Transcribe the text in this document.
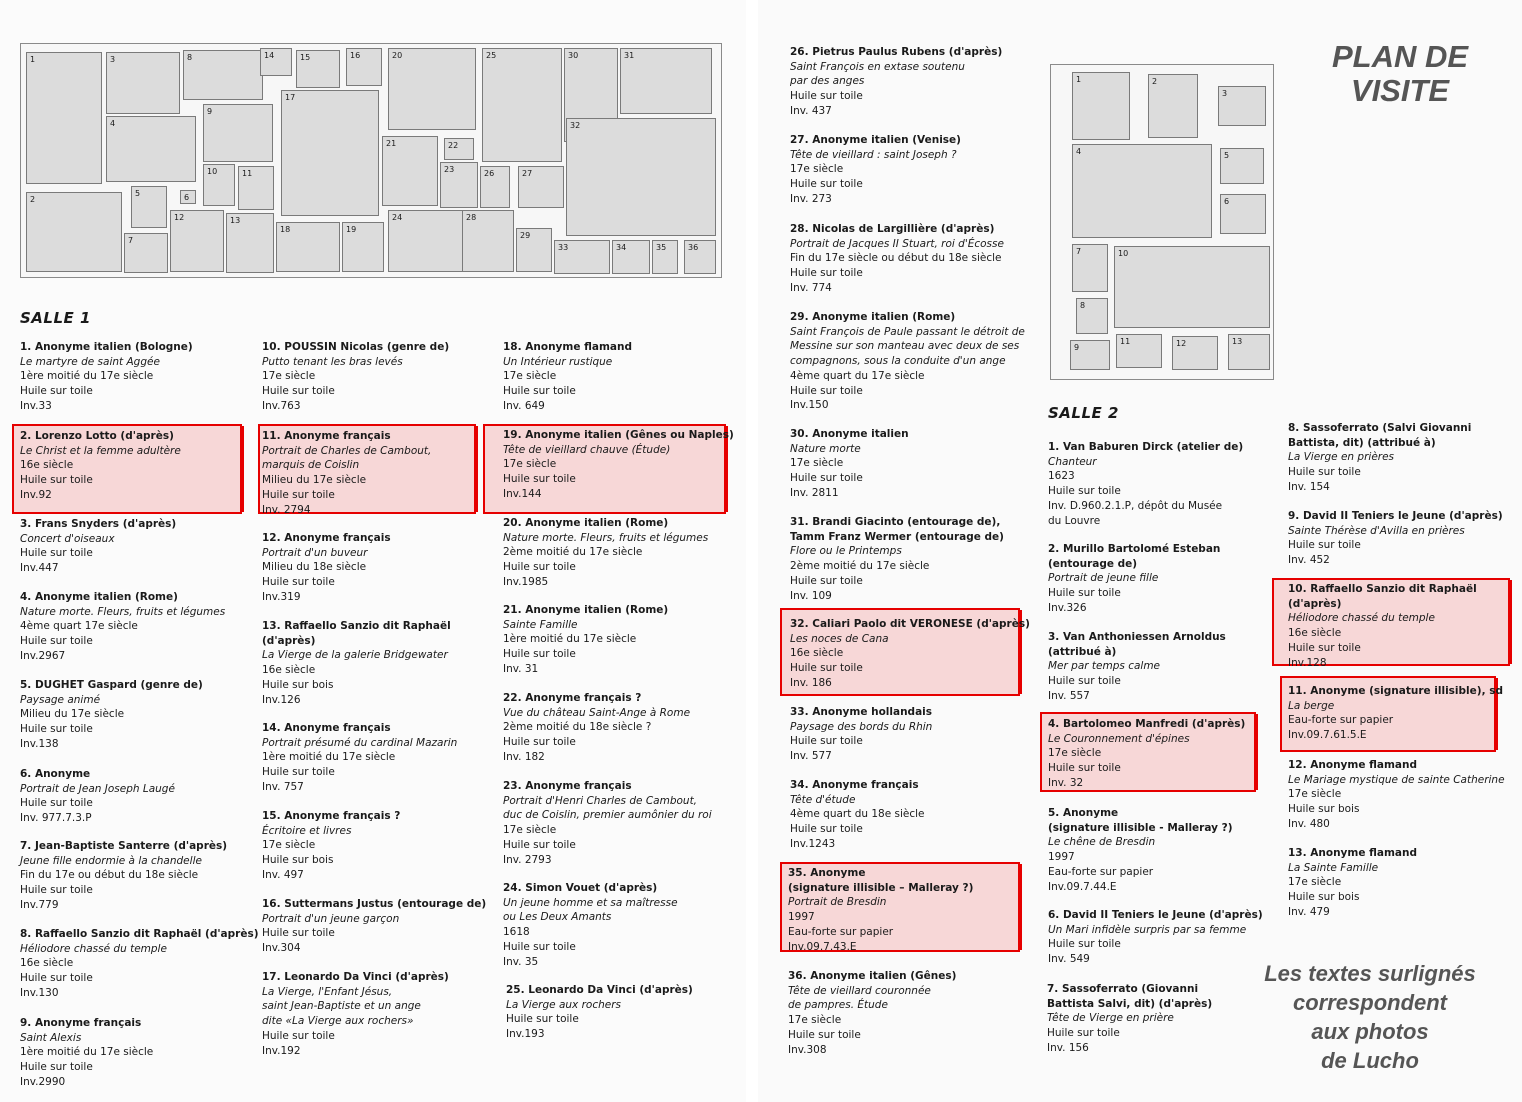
SALLE 1
SALLE 2
PLAN DE
VISITE
Les textes surlignés
correspondent
aux photos
de Lucho
1
2
3
4
5	6
7
8
9
10	11
12	13
14	15	16
17
18	19
20
21	22
23
24
25
26	27
28
29
30	31
32
33	34	35	36
1	2
3
4	5
6
7
8
9
10
11	12	13
1. Anonyme italien (Bologne)
Le martyre de saint Aggée
1ère moitié du 17e siècle
Huile sur toile
Inv.33
2. Lorenzo Lotto (d'après)
Le Christ et la femme adultère
16e siècle
Huile sur toile
Inv.92
3. Frans Snyders (d'après)
Concert d'oiseaux
Huile sur toile
Inv.447
4. Anonyme italien (Rome)
Nature morte. Fleurs, fruits et légumes
4ème quart 17e siècle
Huile sur toile
Inv.2967
5. DUGHET Gaspard (genre de)
Paysage animé
Milieu du 17e siècle
Huile sur toile
Inv.138
6. Anonyme
Portrait de Jean Joseph Laugé
Huile sur toile
Inv. 977.7.3.P
7. Jean-Baptiste Santerre (d'après)
Jeune fille endormie à la chandelle
Fin du 17e ou début du 18e siècle
Huile sur toile
Inv.779
8. Raffaello Sanzio dit Raphaël (d'après)
Héliodore chassé du temple
16e siècle
Huile sur toile
Inv.130
9. Anonyme français
Saint Alexis
1ère moitié du 17e siècle
Huile sur toile
Inv.2990
10. POUSSIN Nicolas (genre de)
Putto tenant les bras levés
17e siècle
Huile sur toile
Inv.763
11. Anonyme français
Portrait de Charles de Cambout,
marquis de Coislin
Milieu du 17e siècle
Huile sur toile
Inv. 2794
12. Anonyme français
Portrait d'un buveur
Milieu du 18e siècle
Huile sur toile
Inv.319
13. Raffaello Sanzio dit Raphaël
(d'après)
La Vierge de la galerie Bridgewater
16e siècle
Huile sur bois
Inv.126
14. Anonyme français
Portrait présumé du cardinal Mazarin
1ère moitié du 17e siècle
Huile sur toile
Inv. 757
15. Anonyme français ?
Écritoire et livres
17e siècle
Huile sur bois
Inv. 497
16. Suttermans Justus (entourage de)
Portrait d'un jeune garçon
Huile sur toile
Inv.304
17. Leonardo Da Vinci (d'après)
La Vierge, l'Enfant Jésus,
saint Jean-Baptiste et un ange
dite «La Vierge aux rochers»
Huile sur toile
Inv.192
18. Anonyme flamand
Un Intérieur rustique
17e siècle
Huile sur toile
Inv. 649
19. Anonyme italien (Gênes ou Naples)
Tête de vieillard chauve (Étude)
17e siècle
Huile sur toile
Inv.144
20. Anonyme italien (Rome)
Nature morte. Fleurs, fruits et légumes
2ème moitié du 17e siècle
Huile sur toile
Inv.1985
21. Anonyme italien (Rome)
Sainte Famille
1ère moitié du 17e siècle
Huile sur toile
Inv. 31
22. Anonyme français ?
Vue du château Saint-Ange à Rome
2ème moitié du 18e siècle ?
Huile sur toile
Inv. 182
23. Anonyme français
Portrait d'Henri Charles de Cambout,
duc de Coislin, premier aumônier du roi
17e siècle
Huile sur toile
Inv. 2793
24. Simon Vouet (d'après)
Un jeune homme et sa maîtresse
ou Les Deux Amants
1618
Huile sur toile
Inv. 35
25. Leonardo Da Vinci (d'après)
La Vierge aux rochers
Huile sur toile
Inv.193
26. Pietrus Paulus Rubens (d'après)
Saint François en extase soutenu
par des anges
Huile sur toile
Inv. 437
27. Anonyme italien (Venise)
Tête de vieillard : saint Joseph ?
17e siècle
Huile sur toile
Inv. 273
28. Nicolas de Largillière (d'après)
Portrait de Jacques II Stuart, roi d'Écosse
Fin du 17e siècle ou début du 18e siècle
Huile sur toile
Inv. 774
29. Anonyme italien (Rome)
Saint François de Paule passant le détroit de
Messine sur son manteau avec deux de ses
compagnons, sous la conduite d'un ange
4ème quart du 17e siècle
Huile sur toile
Inv.150
30. Anonyme italien
Nature morte
17e siècle
Huile sur toile
Inv. 2811
31. Brandi Giacinto (entourage de),
Tamm Franz Wermer (entourage de)
Flore ou le Printemps
2ème moitié du 17e siècle
Huile sur toile
Inv. 109
32. Caliari Paolo dit VERONESE (d'après)
Les noces de Cana
16e siècle
Huile sur toile
Inv. 186
33. Anonyme hollandais
Paysage des bords du Rhin
Huile sur toile
Inv. 577
34. Anonyme français
Tête d'étude
4ème quart du 18e siècle
Huile sur toile
Inv.1243
35. Anonyme
(signature illisible – Malleray ?)
Portrait de Bresdin
1997
Eau-forte sur papier
Inv.09.7.43.E
36. Anonyme italien (Gênes)
Tête de vieillard couronnée
de pampres. Étude
17e siècle
Huile sur toile
Inv.308
1. Van Baburen Dirck (atelier de)
Chanteur
1623
Huile sur toile
Inv. D.960.2.1.P, dépôt du Musée
du Louvre
2. Murillo Bartolomé Esteban
(entourage de)
Portrait de jeune fille
Huile sur toile
Inv.326
3. Van Anthoniessen Arnoldus
(attribué à)
Mer par temps calme
Huile sur toile
Inv. 557
4. Bartolomeo Manfredi (d'après)
Le Couronnement d'épines
17e siècle
Huile sur toile
Inv. 32
5. Anonyme
(signature illisible - Malleray ?)
Le chêne de Bresdin
1997
Eau-forte sur papier
Inv.09.7.44.E
6. David II Teniers le Jeune (d'après)
Un Mari infidèle surpris par sa femme
Huile sur toile
Inv. 549
7. Sassoferrato (Giovanni
Battista Salvi, dit) (d'après)
Tête de Vierge en prière
Huile sur toile
Inv. 156
8. Sassoferrato (Salvi Giovanni
Battista, dit) (attribué à)
La Vierge en prières
Huile sur toile
Inv. 154
9. David II Teniers le Jeune (d'après)
Sainte Thérèse d'Avilla en prières
Huile sur toile
Inv. 452
10. Raffaello Sanzio dit Raphaël
(d'après)
Héliodore chassé du temple
16e siècle
Huile sur toile
Inv.128
11. Anonyme (signature illisible), sd
La berge
Eau-forte sur papier
Inv.09.7.61.5.E
12. Anonyme flamand
Le Mariage mystique de sainte Catherine
17e siècle
Huile sur bois
Inv. 480
13. Anonyme flamand
La Sainte Famille
17e siècle
Huile sur bois
Inv. 479
